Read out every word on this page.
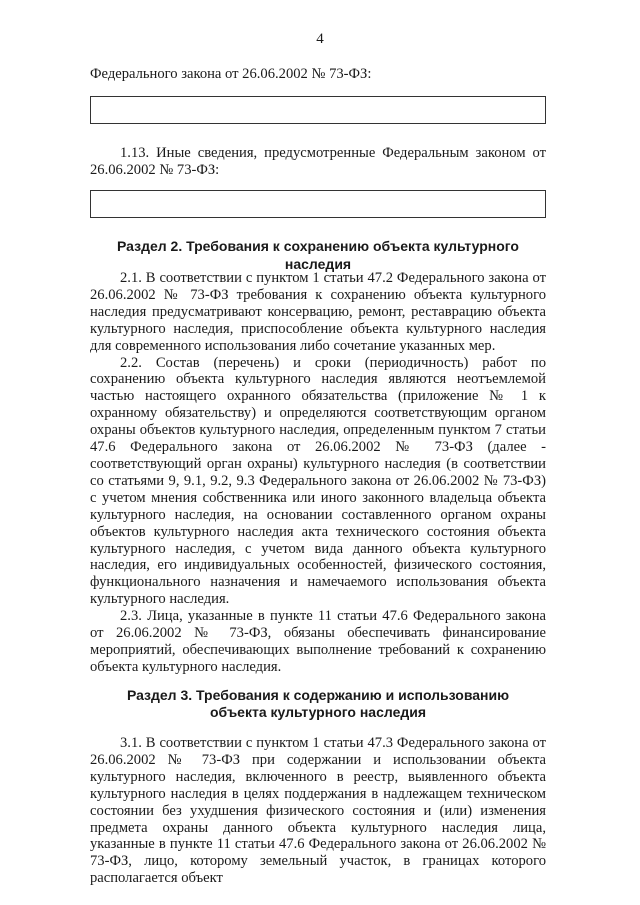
4
Федерального закона от 26.06.2002 № 73-ФЗ:

1.13. Иные сведения, предусмотренные Федеральным законом от 26.06.2002 № 73-ФЗ:

Раздел 2. Требования к сохранению объекта культурного наследия

2.1. В соответствии с пунктом 1 статьи 47.2 Федерального закона от 26.06.2002 № 73-ФЗ требования к сохранению объекта культурного наследия предусматривают консервацию, ремонт, реставрацию объекта культурного наследия, приспособление объекта культурного наследия для современного использования либо сочетание указанных мер.

2.2. Состав (перечень) и сроки (периодичность) работ по сохранению объекта культурного наследия являются неотъемлемой частью настоящего охранного обязательства (приложение № 1 к охранному обязательству) и определяются соответствующим органом охраны объектов культурного наследия, определенным пунктом 7 статьи 47.6 Федерального закона от 26.06.2002 № 73-ФЗ (далее - соответствующий орган охраны) культурного наследия (в соответствии со статьями 9, 9.1, 9.2, 9.3 Федерального закона от 26.06.2002 № 73-ФЗ) с учетом мнения собственника или иного законного владельца объекта культурного наследия, на основании составленного органом охраны объектов культурного наследия акта технического состояния объекта культурного наследия, с учетом вида данного объекта культурного наследия, его индивидуальных особенностей, физического состояния, функционального назначения и намечаемого использования объекта культурного наследия.

2.3. Лица, указанные в пункте 11 статьи 47.6 Федерального закона от 26.06.2002 № 73-ФЗ, обязаны обеспечивать финансирование мероприятий, обеспечивающих выполнение требований к сохранению объекта культурного наследия.

Раздел 3. Требования к содержанию и использованию
объекта культурного наследия

3.1. В соответствии с пунктом 1 статьи 47.3 Федерального закона от 26.06.2002 № 73-ФЗ при содержании и использовании объекта культурного наследия, включенного в реестр, выявленного объекта культурного наследия в целях поддержания в надлежащем техническом состоянии без ухудшения физического состояния и (или) изменения предмета охраны данного объекта культурного наследия лица, указанные в пункте 11 статьи 47.6 Федерального закона от 26.06.2002 № 73-ФЗ, лицо, которому земельный участок, в границах которого располагается объект
